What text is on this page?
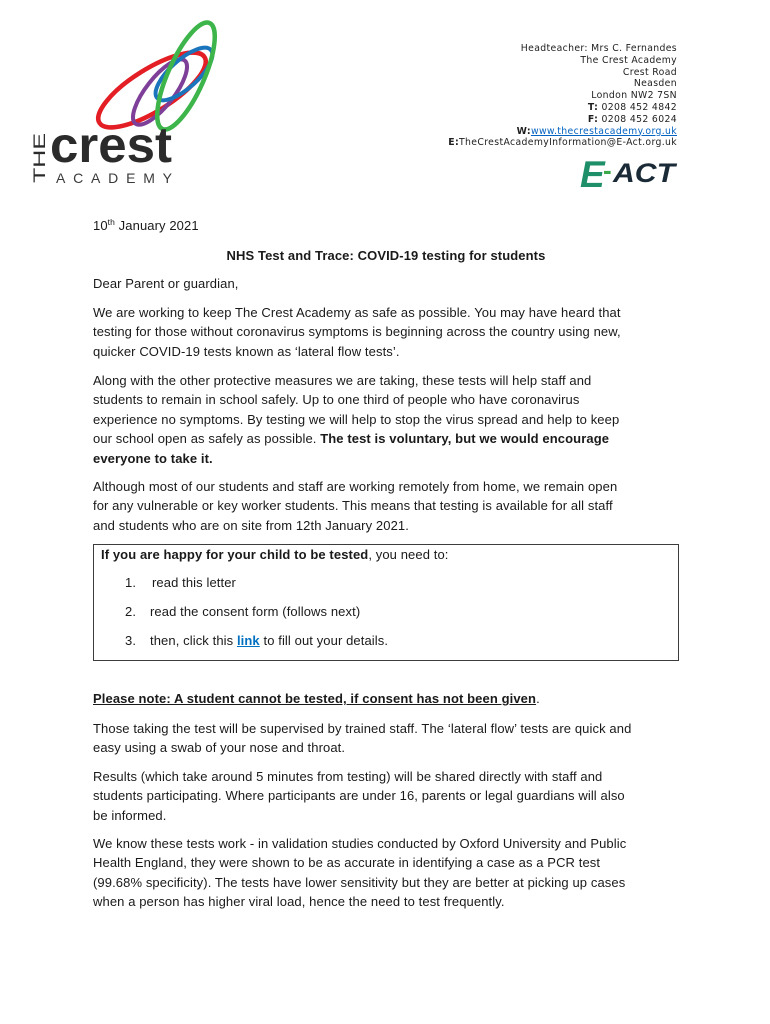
THE crest
ACADEMY
Headteacher: Mrs C. Fernandes
The Crest Academy
Crest Road
Neasden
London NW2 7SN
T: 0208 452 4842
F: 0208 452 6024
W:www.thecrestacademy.org.uk
E:TheCrestAcademyInformation@E-Act.org.uk
E
- ACT
10th January 2021
NHS Test and Trace: COVID-19 testing for students
Dear Parent or guardian,
We are working to keep The Crest Academy as safe as possible. You may have heard that
testing for those without coronavirus symptoms is beginning across the country using new,
quicker COVID-19 tests known as ‘lateral flow tests’.
Along with the other protective measures we are taking, these tests will help staff and
students to remain in school safely. Up to one third of people who have coronavirus
experience no symptoms. By testing we will help to stop the virus spread and help to keep
our school open as safely as possible. The test is voluntary, but we would encourage
everyone to take it.
Although most of our students and staff are working remotely from home, we remain open
for any vulnerable or key worker students. This means that testing is available for all staff
and students who are on site from 12th January 2021.
If you are happy for your child to be tested, you need to:
1. read this letter
2. read the consent form (follows next)
3. then, click this link to fill out your details.
Please note: A student cannot be tested, if consent has not been given.
Those taking the test will be supervised by trained staff. The ‘lateral flow’ tests are quick and
easy using a swab of your nose and throat.
Results (which take around 5 minutes from testing) will be shared directly with staff and
students participating. Where participants are under 16, parents or legal guardians will also
be informed.
We know these tests work - in validation studies conducted by Oxford University and Public
Health England, they were shown to be as accurate in identifying a case as a PCR test
(99.68% specificity). The tests have lower sensitivity but they are better at picking up cases
when a person has higher viral load, hence the need to test frequently.
